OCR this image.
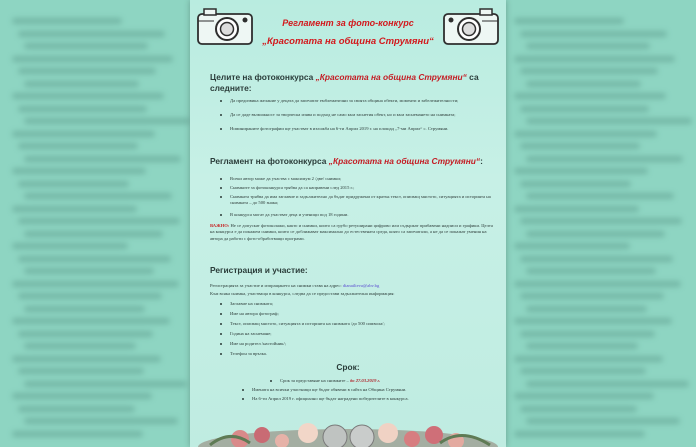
Регламент за фото-конкурс
„Красотата на община Струмяни“
Целите на фотоконкурса „Красотата на община Струмяни“ са следните:
Да предизвика желание у децата да запечатат емблематични за своята община обекти, моменти и забележителности;
Да се даде възможност за творческа изява и подход не само към заснетия обект, но и към заснемането на снимката;
Номинираните фотографии ще участват в изложба на 6-ти Април 2019 г. на площад „7-ми Април“ с. Струмяни.
Регламент на фотоконкурса „Красотата на община Струмяни“:
Всеки автор може да участва с максимум 2 /две/ снимки;
Снимките за фотоконкурса трябва да са направени след 2015 г.;
Снимката трябва да има заглавие и задължително да бъдат придружени от кратък текст, описващ мястото, ситуацията и историята на снимката – до 500 знака;
В конкурса могат да участват деца и ученици под 18 години.
ВАЖНО: Не се допускат фотоколажи, както и снимки, които са грубо ретуширани цифрово или съдържат прибавени надписи и графики. Целта на конкурса е да покажем снимки, които се доближават максимално до естествената среда, която са запечатали, а не да се покажат умения на автора да работи с фото-обработващи програми.
Регистрация и участие:
Регистрацията за участие и изпращането на снимки става на адрес: dianailieva@abv.bg
Към всяка снимка, участваща в конкурса, следва да се предостави задължителна информация:
Заглавие на снимката;
Име на автора фотограф;
Текст, описващ мястото, ситуацията и историята на снимката /до 500 символа/;
Година на заснемане;
Име на родител /настойник/;
Телефон за връзка.
Срок:
Срок за представяне на снимките – до 27.03.2019 г.
Имената на всички участници ще бъдат обявени в сайта на Община Струмяни.
На 6-ти Април 2019 г. официално ще бъдат наградени победителите в конкурса.
